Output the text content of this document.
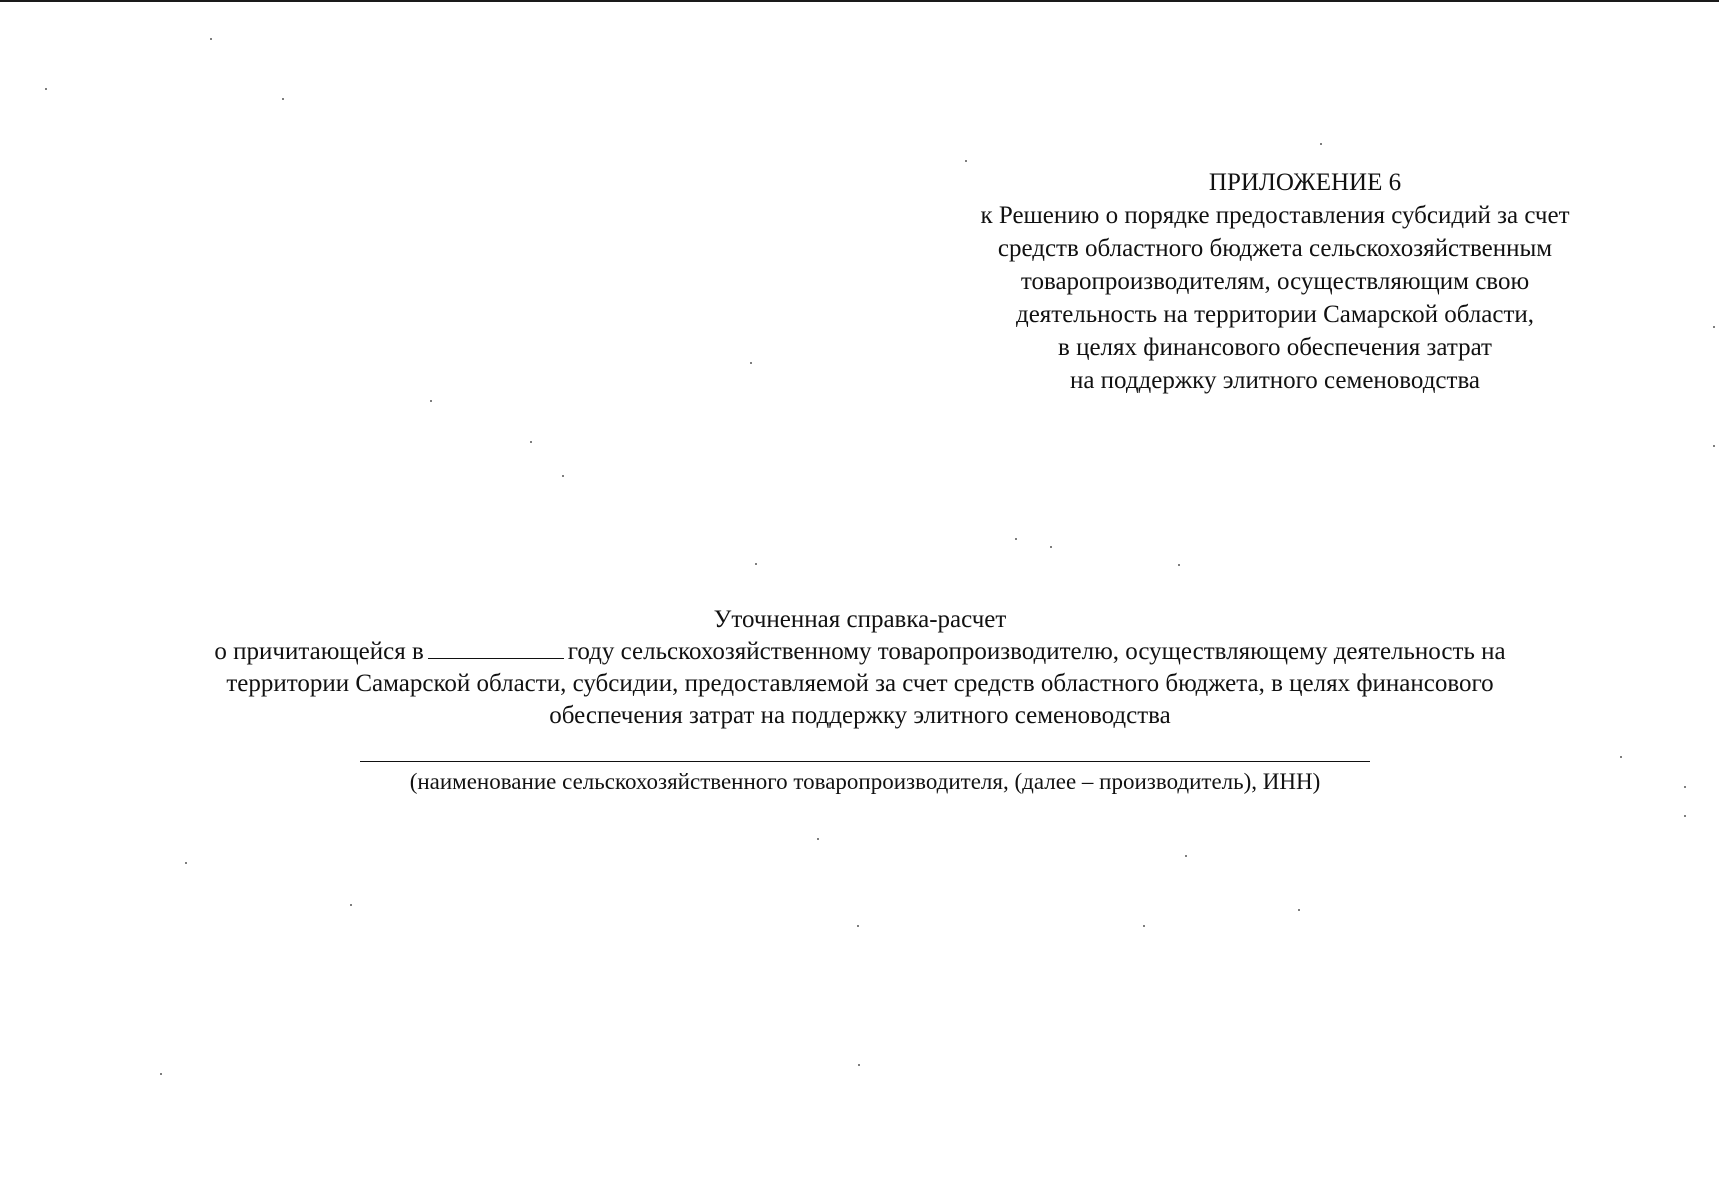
ПРИЛОЖЕНИЕ 6
к Решению о порядке предоставления субсидий за счет
средств областного бюджета сельскохозяйственным
товаропроизводителям, осуществляющим свою
деятельность на территории Самарской области,
в целях финансового обеспечения затрат
на поддержку элитного семеноводства
Уточненная справка-расчет
о причитающейся в	году сельскохозяйственному товаропроизводителю, осуществляющему деятельность на
территории Самарской области, субсидии, предоставляемой за счет средств областного бюджета, в целях финансового
обеспечения затрат на поддержку элитного семеноводства
(наименование сельскохозяйственного товаропроизводителя, (далее – производитель), ИНН)
